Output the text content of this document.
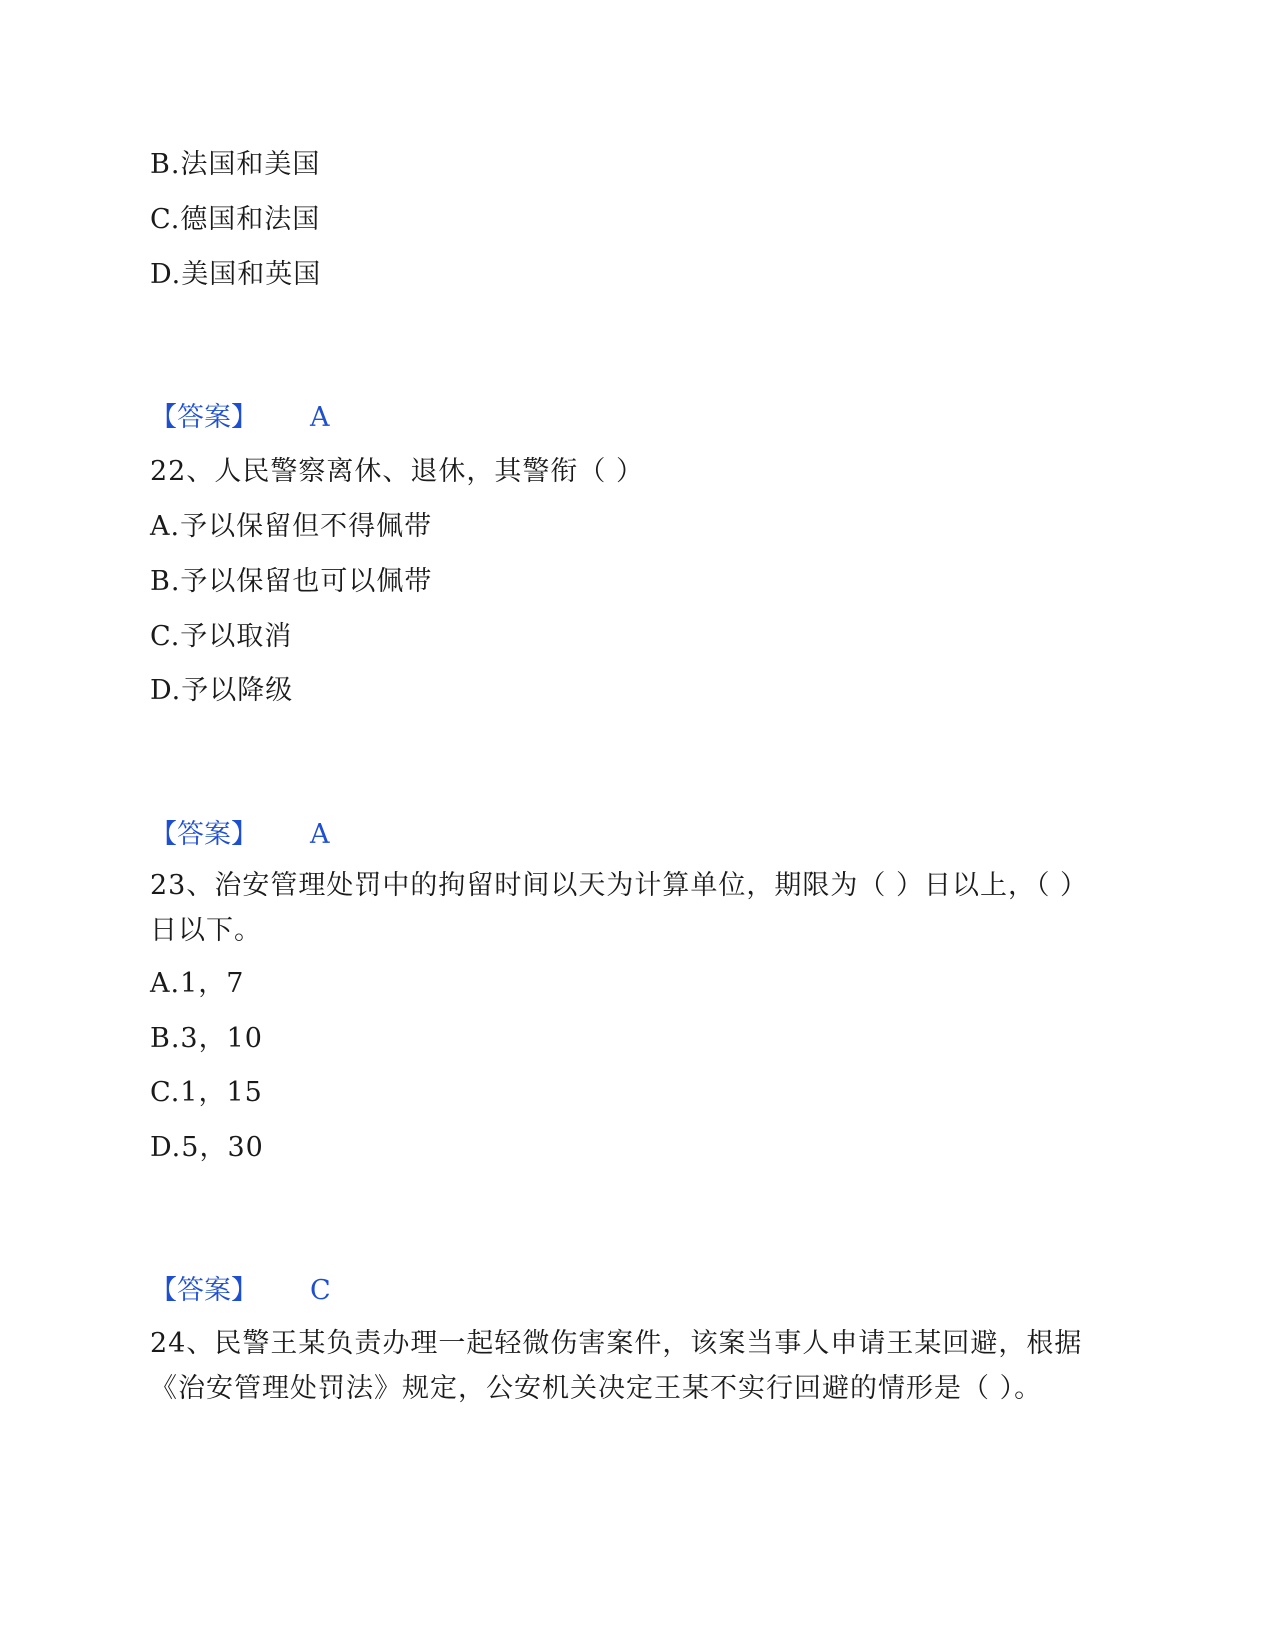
B.法国和美国
C.德国和法国
D.美国和英国
【答案】 A
22、人民警察离休、退休，其警衔（ ）
A.予以保留但不得佩带
B.予以保留也可以佩带
C.予以取消
D.予以降级
【答案】 A
23、治安管理处罚中的拘留时间以天为计算单位，期限为（ ）日以上，（ ）
日以下。
A.1，7
B.3，10
C.1，15
D.5，30
【答案】 C
24、民警王某负责办理一起轻微伤害案件，该案当事人申请王某回避，根据
《治安管理处罚法》规定，公安机关决定王某不实行回避的情形是（ ）。
